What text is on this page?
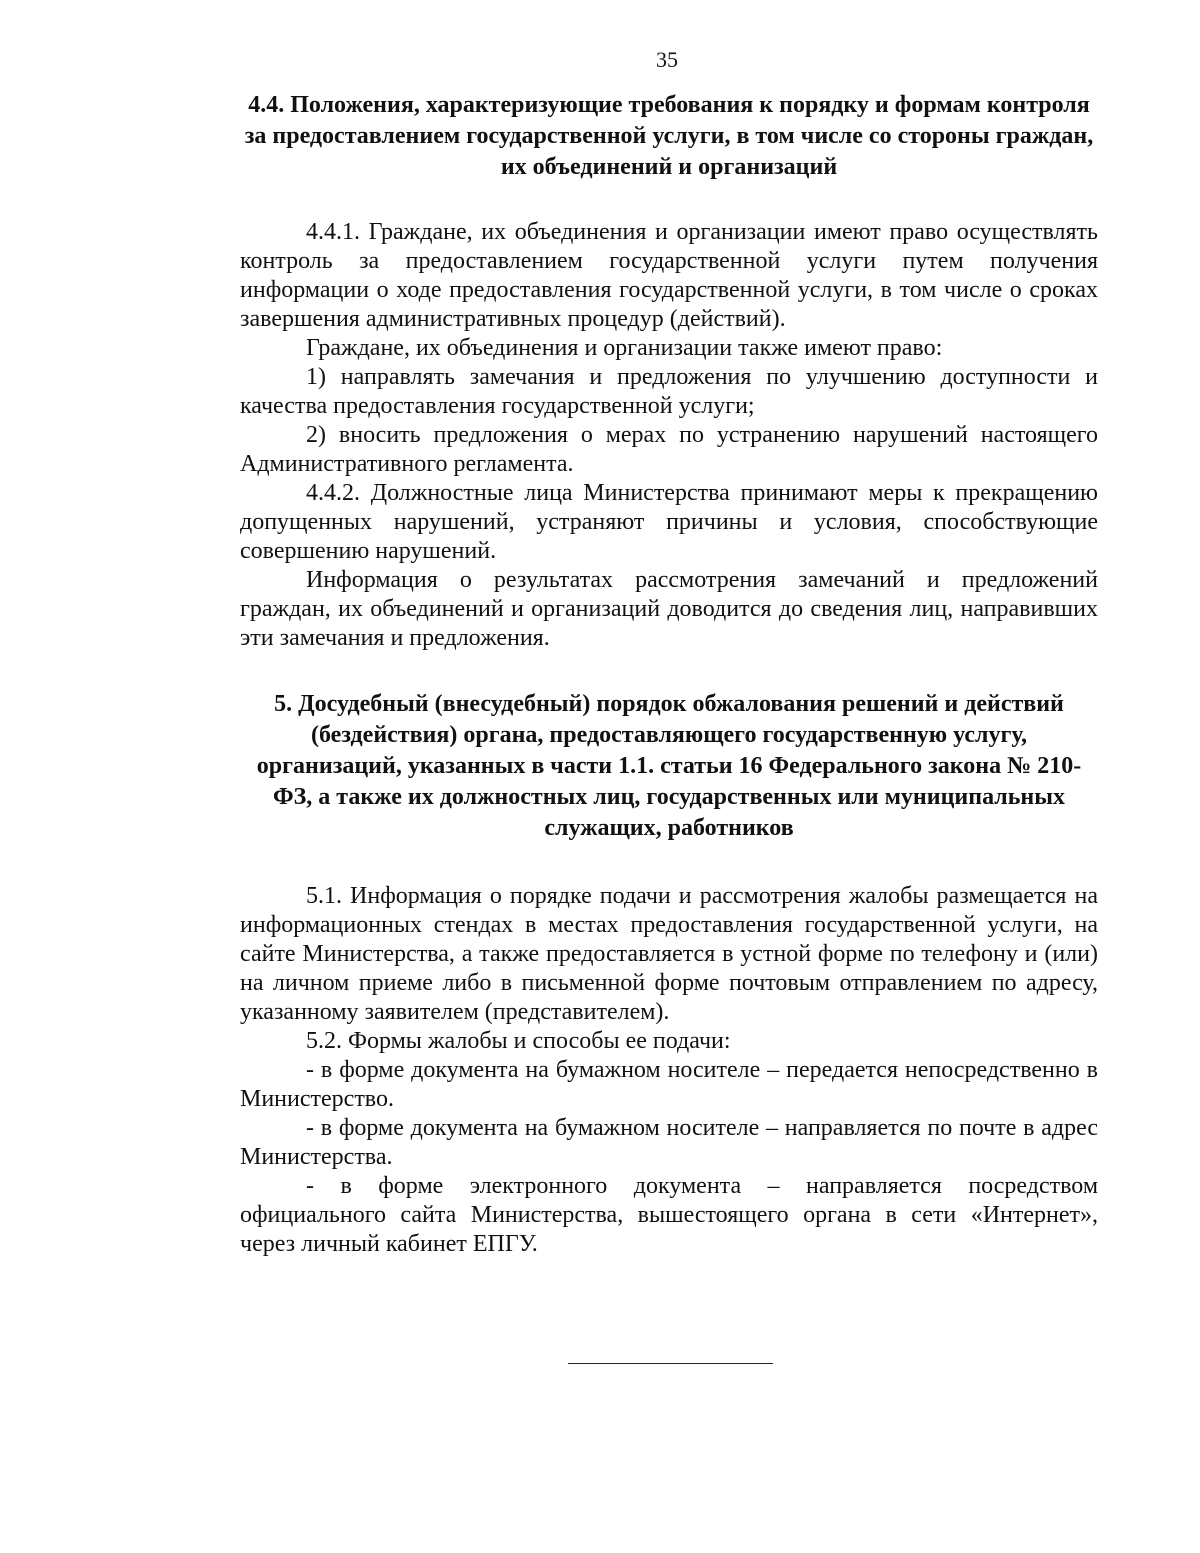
35
4.4. Положения, характеризующие требования к порядку и формам контроля за предоставлением государственной услуги, в том числе со стороны граждан, их объединений и организаций

4.4.1. Граждане, их объединения и организации имеют право осуществлять контроль за предоставлением государственной услуги путем получения информации о ходе предоставления государственной услуги, в том числе о сроках завершения административных процедур (действий).

Граждане, их объединения и организации также имеют право:

1) направлять замечания и предложения по улучшению доступности и качества предоставления государственной услуги;

2) вносить предложения о мерах по устранению нарушений настоящего Административного регламента.

4.4.2. Должностные лица Министерства принимают меры к прекращению допущенных нарушений, устраняют причины и условия, способствующие совершению нарушений.

Информация о результатах рассмотрения замечаний и предложений граждан, их объединений и организаций доводится до сведения лиц, направивших эти замечания и предложения.

5. Досудебный (внесудебный) порядок обжалования решений и действий (бездействия) органа, предоставляющего государственную услугу, организаций, указанных в части 1.1. статьи 16 Федерального закона № 210-ФЗ, а также их должностных лиц, государственных или муниципальных служащих, работников

5.1. Информация о порядке подачи и рассмотрения жалобы размещается на информационных стендах в местах предоставления государственной услуги, на сайте Министерства, а также предоставляется в устной форме по телефону и (или) на личном приеме либо в письменной форме почтовым отправлением по адресу, указанному заявителем (представителем).

5.2. Формы жалобы и способы ее подачи:

- в форме документа на бумажном носителе – передается непосредственно в Министерство.

- в форме документа на бумажном носителе – направляется по почте в адрес Министерства.

- в форме электронного документа – направляется посредством официального сайта Министерства, вышестоящего органа в сети «Интернет», через личный кабинет ЕПГУ.
